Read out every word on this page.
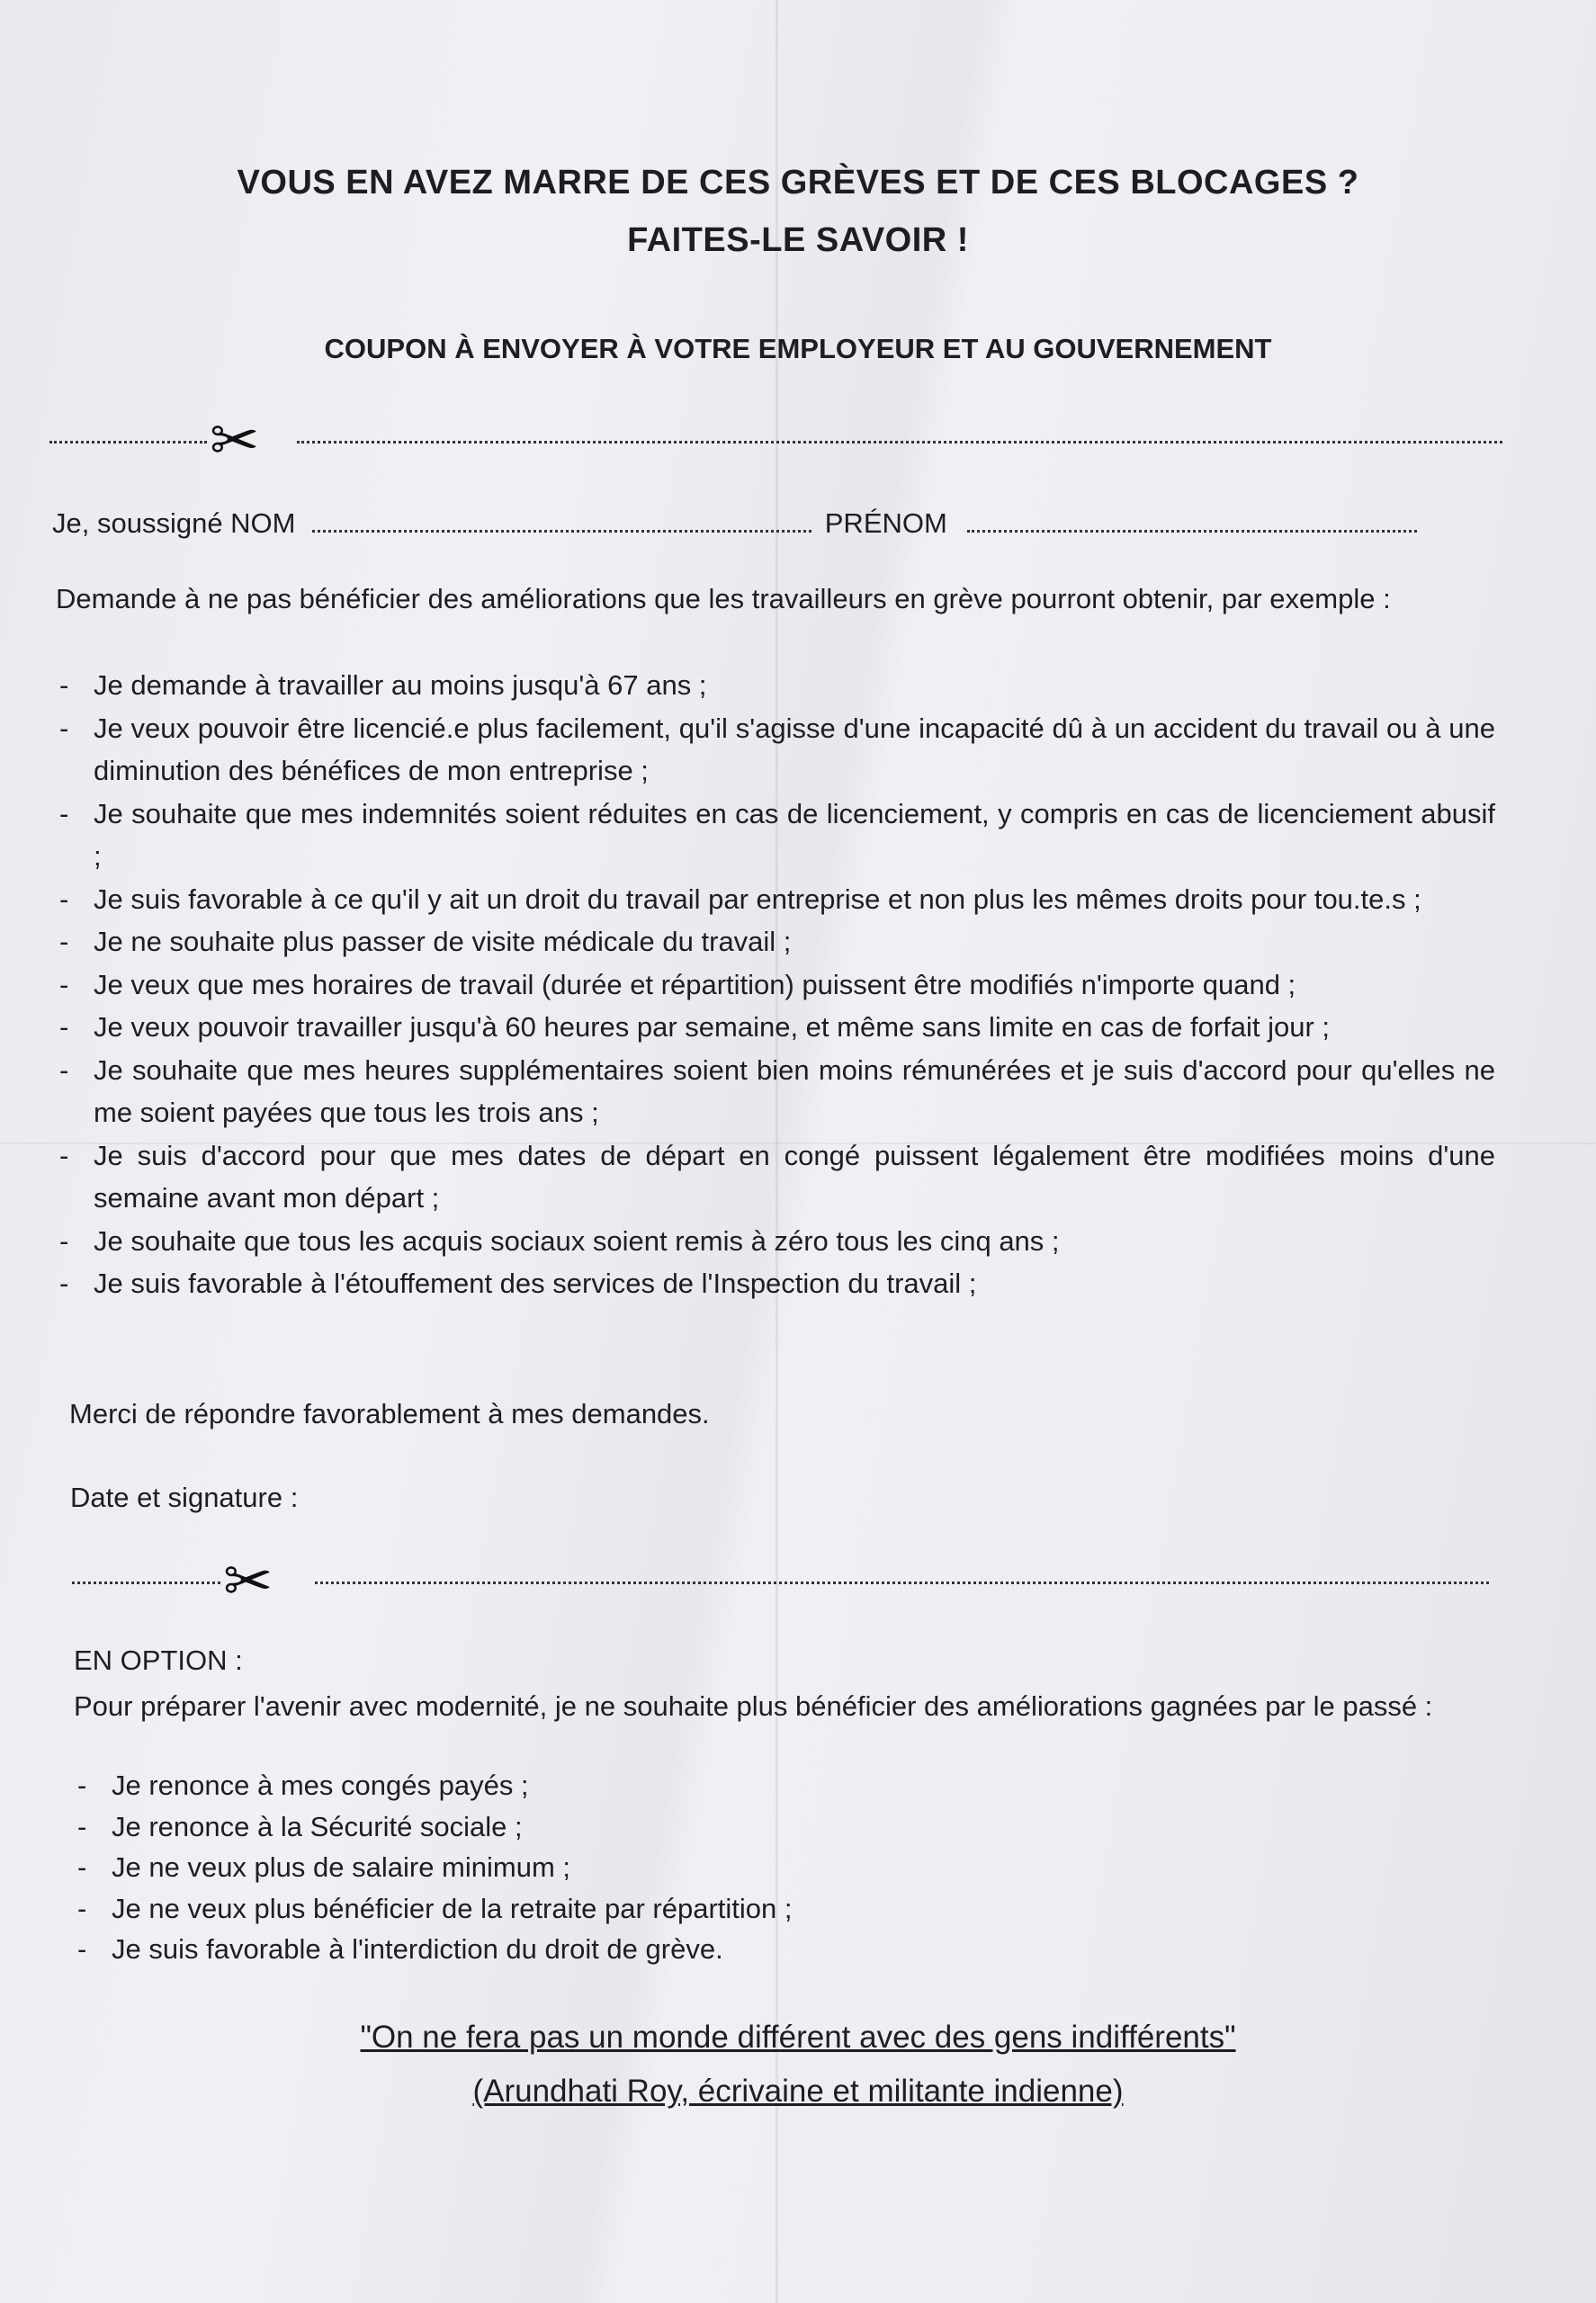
VOUS EN AVEZ MARRE DE CES GRÈVES ET DE CES BLOCAGES ?
FAITES-LE SAVOIR !
COUPON À ENVOYER À VOTRE EMPLOYEUR ET AU GOUVERNEMENT
✂
Je, soussigné NOM	PRÉNOM

Demande à ne pas bénéficier des améliorations que les travailleurs en grève pourront obtenir, par exemple :

- Je demande à travailler au moins jusqu'à 67 ans ;
- Je veux pouvoir être licencié.e plus facilement, qu'il s'agisse d'une incapacité dû à un accident du travail ou à une diminution des bénéfices de mon entreprise ;
- Je souhaite que mes indemnités soient réduites en cas de licenciement, y compris en cas de licenciement abusif ;
- Je suis favorable à ce qu'il y ait un droit du travail par entreprise et non plus les mêmes droits pour tou.te.s ;
- Je ne souhaite plus passer de visite médicale du travail ;
- Je veux que mes horaires de travail (durée et répartition) puissent être modifiés n'importe quand ;
- Je veux pouvoir travailler jusqu'à 60 heures par semaine, et même sans limite en cas de forfait jour ;
- Je souhaite que mes heures supplémentaires soient bien moins rémunérées et je suis d'accord pour qu'elles ne me soient payées que tous les trois ans ;
- Je suis d'accord pour que mes dates de départ en congé puissent légalement être modifiées moins d'une semaine avant mon départ ;
- Je souhaite que tous les acquis sociaux soient remis à zéro tous les cinq ans ;
- Je suis favorable à l'étouffement des services de l'Inspection du travail ;
Merci de répondre favorablement à mes demandes.
Date et signature :
✂
EN OPTION :

Pour préparer l'avenir avec modernité, je ne souhaite plus bénéficier des améliorations gagnées par le passé :

- Je renonce à mes congés payés ;
- Je renonce à la Sécurité sociale ;
- Je ne veux plus de salaire minimum ;
- Je ne veux plus bénéficier de la retraite par répartition ;
- Je suis favorable à l'interdiction du droit de grève.

"On ne fera pas un monde différent avec des gens indifférents"

(Arundhati Roy, écrivaine et militante indienne)
